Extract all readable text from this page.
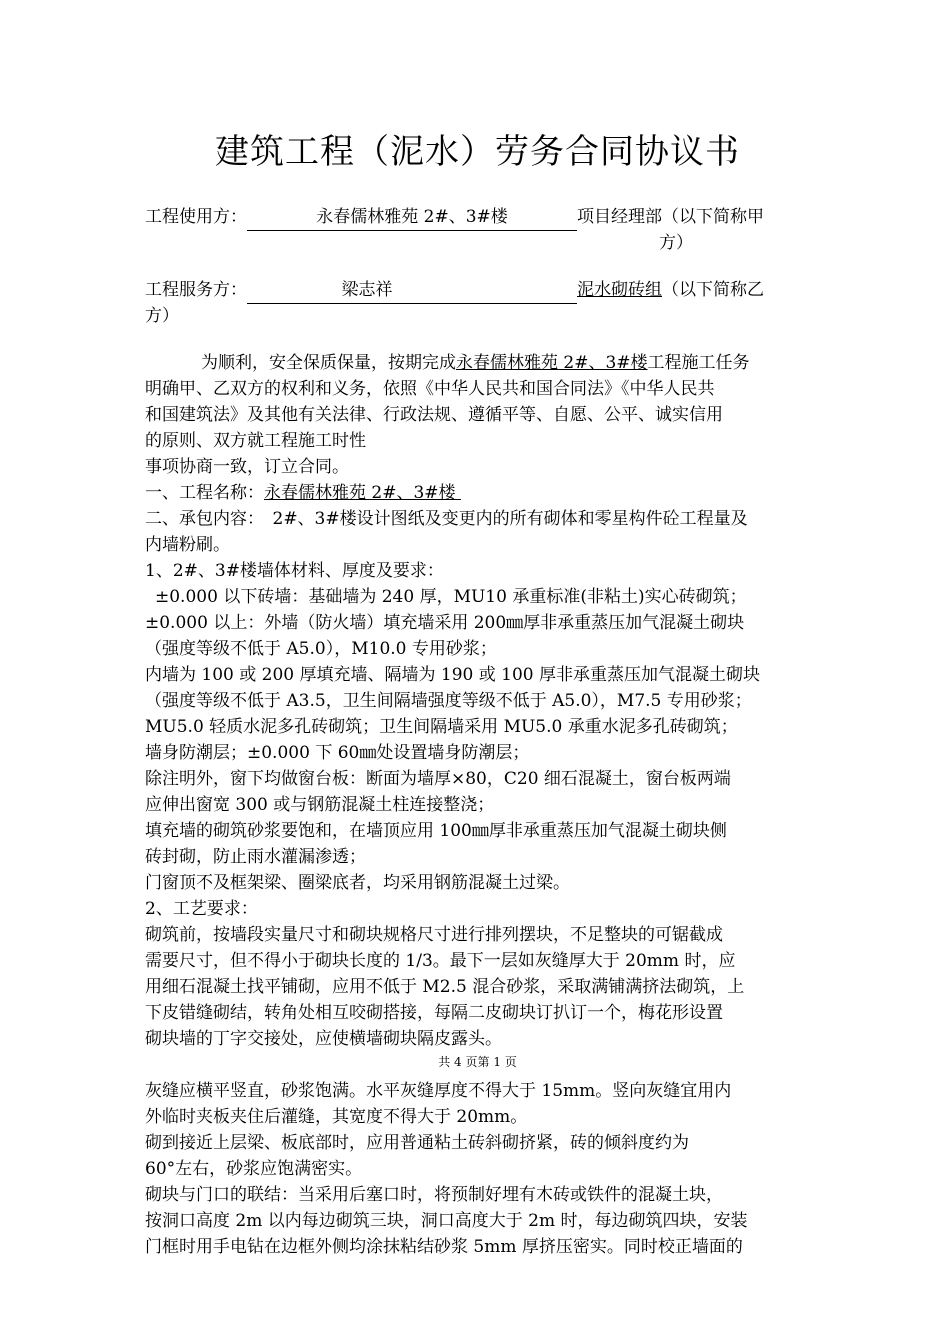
建筑工程（泥水）劳务合同协议书
工程使用方：	永春儒林雅苑 2#、3#楼	项目经理部（以下简称甲
方）
工程服务方：	梁志祥	泥水砌砖组（以下简称乙
方）
为顺利，安全保质保量，按期完成永春儒林雅苑 2#、3#楼工程施工任务
明确甲、乙双方的权利和义务，依照《中华人民共和国合同法》《中华人民共
和国建筑法》及其他有关法律、行政法规、遵循平等、自愿、公平、诚实信用
的原则、双方就工程施工时性
事项协商一致，订立合同。
一、工程名称：永春儒林雅苑 2#、3#楼
二、承包内容：　2#、3#楼设计图纸及变更内的所有砌体和零星构件砼工程量及
内墙粉刷。
1、2#、3#楼墙体材料、厚度及要求：
±0.000 以下砖墙：基础墙为 240 厚，MU10 承重标准(非粘土)实心砖砌筑；
±0.000 以上：外墙（防火墙）填充墙采用 200㎜厚非承重蒸压加气混凝土砌块
（强度等级不低于 A5.0），M10.0 专用砂浆；
内墙为 100 或 200 厚填充墙、隔墙为 190 或 100 厚非承重蒸压加气混凝土砌块
（强度等级不低于 A3.5，卫生间隔墙强度等级不低于 A5.0），M7.5 专用砂浆；
MU5.0 轻质水泥多孔砖砌筑；卫生间隔墙采用 MU5.0 承重水泥多孔砖砌筑；
墙身防潮层；±0.000 下 60㎜处设置墙身防潮层；
除注明外，窗下均做窗台板：断面为墙厚×80，C20 细石混凝土，窗台板两端
应伸出窗宽 300 或与钢筋混凝土柱连接整浇；
填充墙的砌筑砂浆要饱和，在墙顶应用 100㎜厚非承重蒸压加气混凝土砌块侧
砖封砌，防止雨水灌漏渗透；
门窗顶不及框架梁、圈梁底者，均采用钢筋混凝土过梁。
2、工艺要求：
砌筑前，按墙段实量尺寸和砌块规格尺寸进行排列摆块，不足整块的可锯截成
需要尺寸，但不得小于砌块长度的 1/3。最下一层如灰缝厚大于 20mm 时，应
用细石混凝土找平铺砌，应用不低于 M2.5 混合砂浆，采取满铺满挤法砌筑，上
下皮错缝砌结，转角处相互咬砌搭接，每隔二皮砌块订扒订一个，梅花形设置
砌块墙的丁字交接处，应使横墙砌块隔皮露头。
共 4 页第 1 页
灰缝应横平竖直，砂浆饱满。水平灰缝厚度不得大于 15mm。竖向灰缝宜用内
外临时夹板夹住后灌缝，其宽度不得大于 20mm。
砌到接近上层梁、板底部时，应用普通粘土砖斜砌挤紧，砖的倾斜度约为
60°左右，砂浆应饱满密实。
砌块与门口的联结：当采用后塞口时，将预制好埋有木砖或铁件的混凝土块，
按洞口高度 2m 以内每边砌筑三块，洞口高度大于 2m 时，每边砌筑四块，安装
门框时用手电钻在边框外侧均涂抹粘结砂浆 5mm 厚挤压密实。同时校正墙面的
